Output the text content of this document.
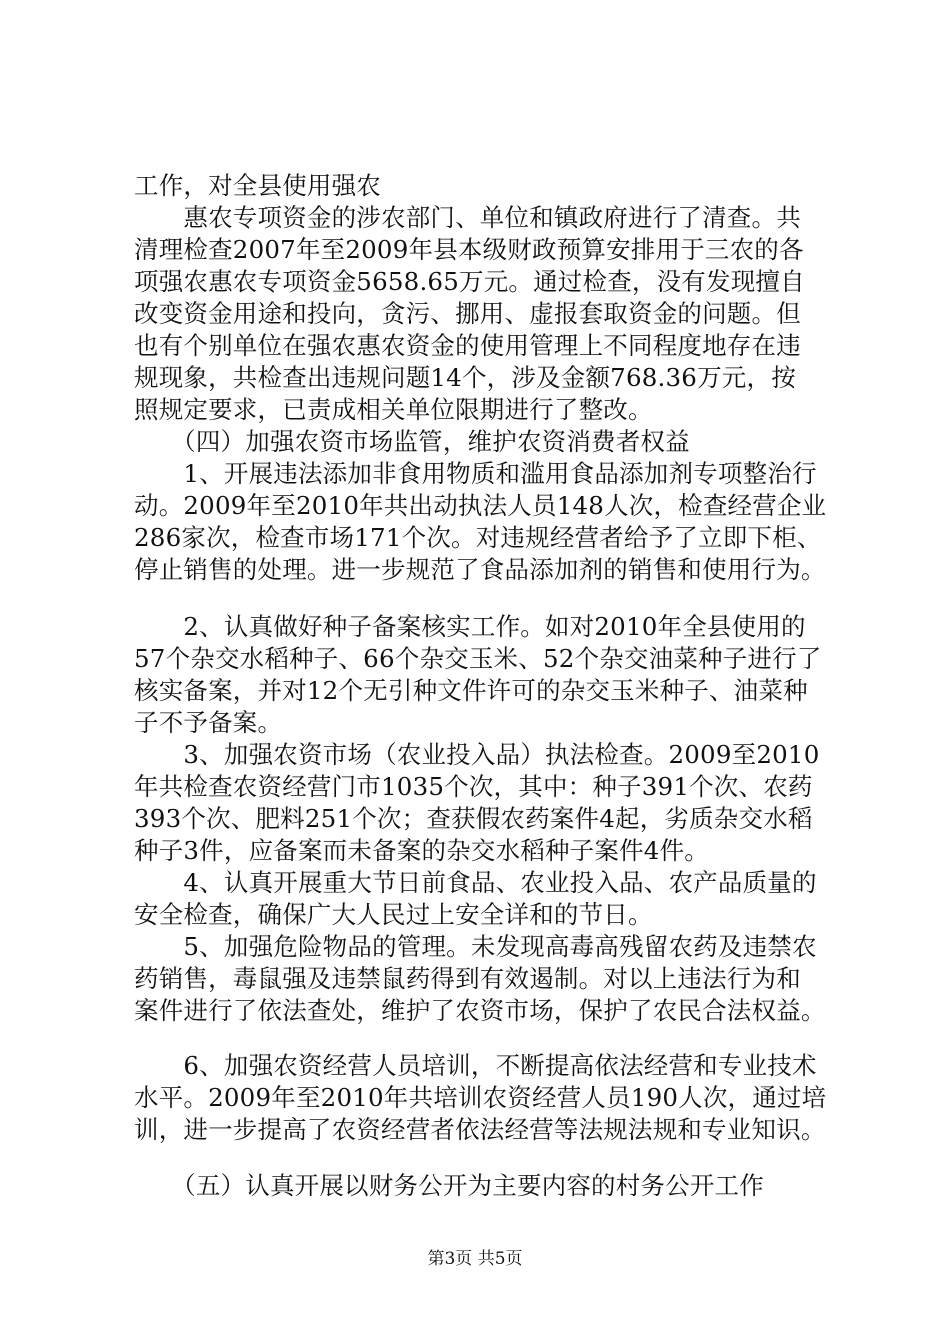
工作，对全县使用强农
　　惠农专项资金的涉农部门、单位和镇政府进行了清查。共
清理检查2007年至2009年县本级财政预算安排用于三农的各
项强农惠农专项资金5658.65万元。通过检查，没有发现擅自
改变资金用途和投向，贪污、挪用、虚报套取资金的问题。但
也有个别单位在强农惠农资金的使用管理上不同程度地存在违
规现象，共检查出违规问题14个，涉及金额768.36万元，按
照规定要求，已责成相关单位限期进行了整改。
　　（四）加强农资市场监管，维护农资消费者权益
　　1、开展违法添加非食用物质和滥用食品添加剂专项整治行
动。2009年至2010年共出动执法人员148人次，检查经营企业
286家次，检查市场171个次。对违规经营者给予了立即下柜、
停止销售的处理。进一步规范了食品添加剂的销售和使用行为。
　　2、认真做好种子备案核实工作。如对2010年全县使用的
57个杂交水稻种子、66个杂交玉米、52个杂交油菜种子进行了
核实备案，并对12个无引种文件许可的杂交玉米种子、油菜种
子不予备案。
　　3、加强农资市场（农业投入品）执法检查。2009至2010
年共检查农资经营门市1035个次，其中：种子391个次、农药
393个次、肥料251个次；查获假农药案件4起，劣质杂交水稻
种子3件，应备案而未备案的杂交水稻种子案件4件。
　　4、认真开展重大节日前食品、农业投入品、农产品质量的
安全检查，确保广大人民过上安全详和的节日。
　　5、加强危险物品的管理。未发现高毒高残留农药及违禁农
药销售，毒鼠强及违禁鼠药得到有效遏制。对以上违法行为和
案件进行了依法查处，维护了农资市场，保护了农民合法权益。
　　6、加强农资经营人员培训，不断提高依法经营和专业技术
水平。2009年至2010年共培训农资经营人员190人次，通过培
训，进一步提高了农资经营者依法经营等法规法规和专业知识。
　　（五）认真开展以财务公开为主要内容的村务公开工作
第3页 共5页
